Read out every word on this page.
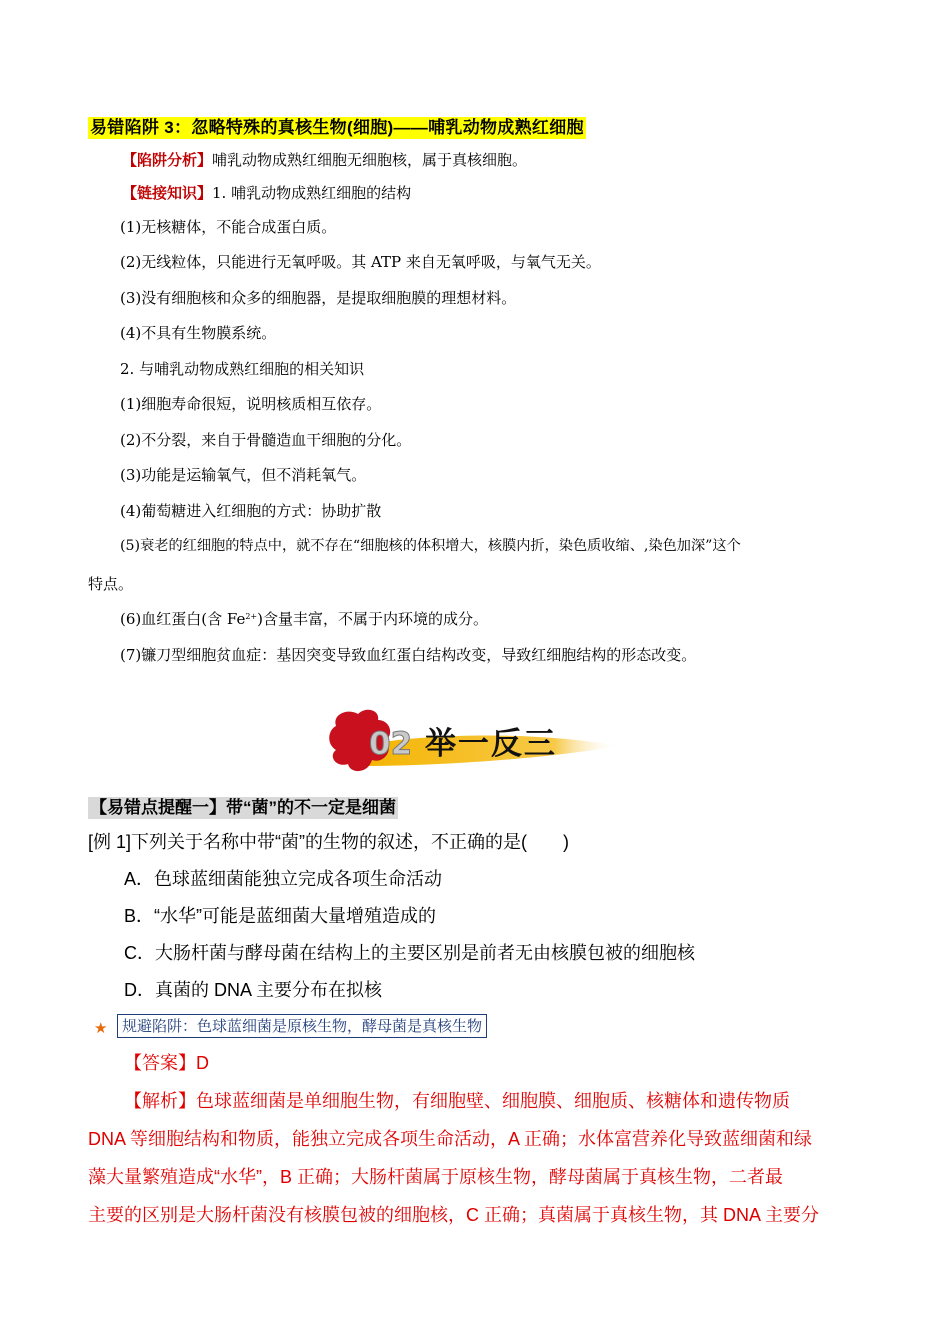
易错陷阱 3：忽略特殊的真核生物(细胞)——哺乳动物成熟红细胞
【陷阱分析】哺乳动物成熟红细胞无细胞核，属于真核细胞。
【链接知识】1. 哺乳动物成熟红细胞的结构
(1)无核糖体，不能合成蛋白质。
(2)无线粒体，只能进行无氧呼吸。其 ATP 来自无氧呼吸，与氧气无关。
(3)没有细胞核和众多的细胞器，是提取细胞膜的理想材料。
(4)不具有生物膜系统。
2. 与哺乳动物成熟红细胞的相关知识
(1)细胞寿命很短，说明核质相互依存。
(2)不分裂，来自于骨髓造血干细胞的分化。
(3)功能是运输氧气，但不消耗氧气。
(4)葡萄糖进入红细胞的方式：协助扩散
(5)衰老的红细胞的特点中，就不存在“细胞核的体积增大，核膜内折，染色质收缩、,染色加深”这个
特点。
(6)血红蛋白(含 $Fe^{2+}$)含量丰富，不属于内环境的成分。
(7)镰刀型细胞贫血症：基因突变导致血红蛋白结构改变，导致红细胞结构的形态改变。
02 举一反三
【易错点提醒一】带“菌”的不一定是细菌
[例 1]下列关于名称中带“菌”的生物的叙述，不正确的是(　　)
A．色球蓝细菌能独立完成各项生命活动
B．“水华”可能是蓝细菌大量增殖造成的
C．大肠杆菌与酵母菌在结构上的主要区别是前者无由核膜包被的细胞核
D．真菌的 DNA 主要分布在拟核
★ 规避陷阱：色球蓝细菌是原核生物，酵母菌是真核生物
【答案】D
【解析】色球蓝细菌是单细胞生物，有细胞壁、细胞膜、细胞质、核糖体和遗传物质
DNA 等细胞结构和物质，能独立完成各项生命活动，A 正确；水体富营养化导致蓝细菌和绿
藻大量繁殖造成“水华”，B 正确；大肠杆菌属于原核生物，酵母菌属于真核生物，二者最
主要的区别是大肠杆菌没有核膜包被的细胞核，C 正确；真菌属于真核生物，其 DNA 主要分
